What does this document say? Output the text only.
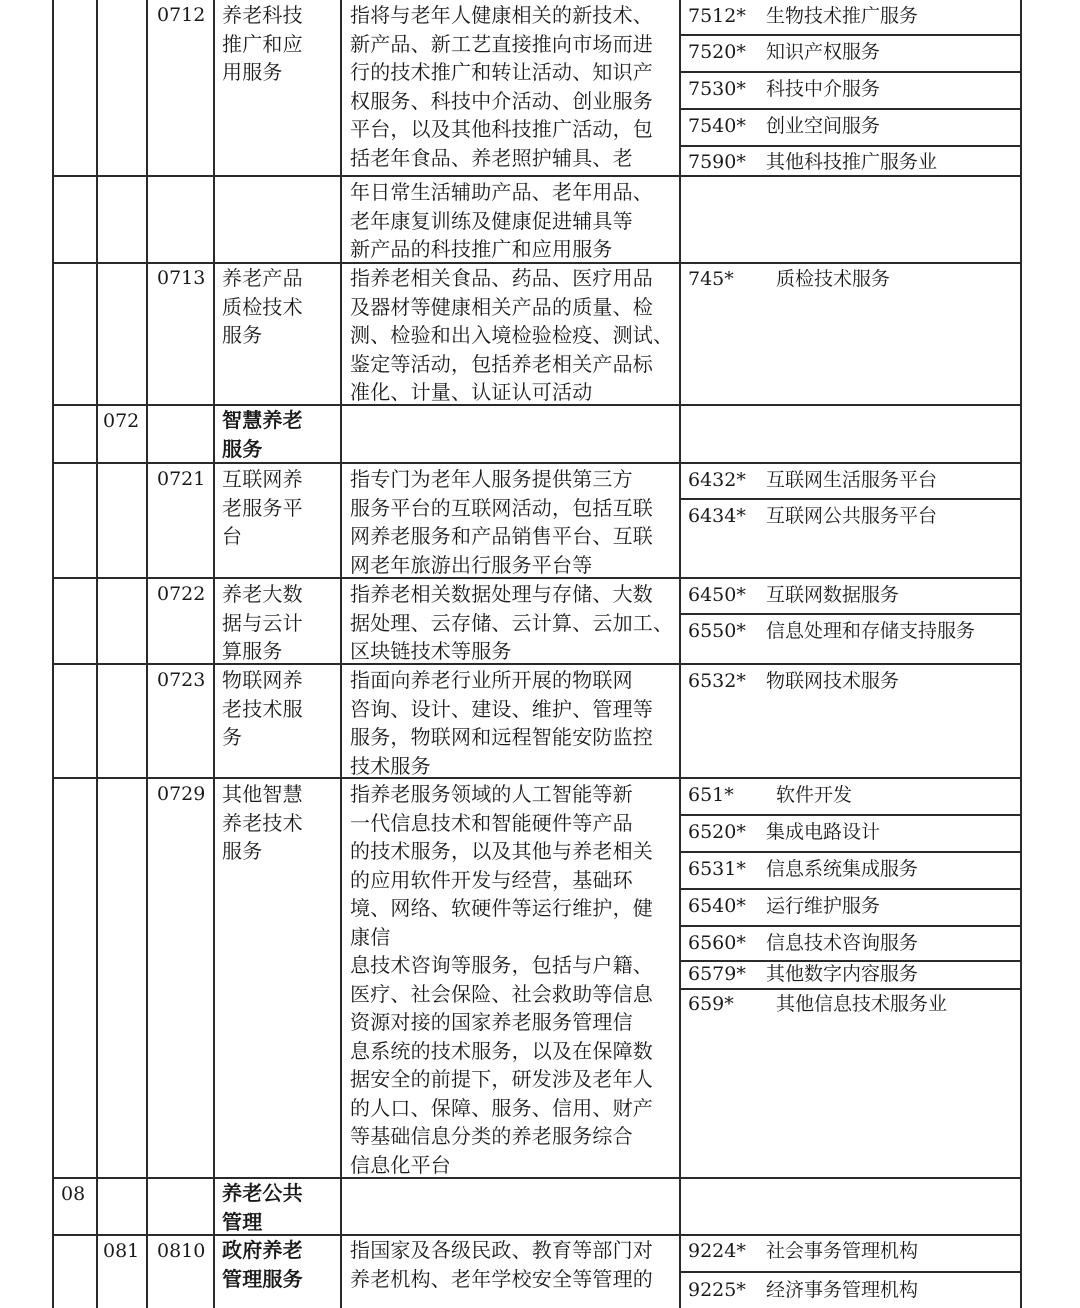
0712 养老科技
推广和应
用服务
指将与老年人健康相关的新技术、
新产品、新工艺直接推向市场而进
行的技术推广和转让活动、知识产
权服务、科技中介活动、创业服务
平台，以及其他科技推广活动，包
括老年食品、养老照护辅具、老
7512* 生物技术推广服务
7520* 知识产权服务
7530* 科技中介服务
7540* 创业空间服务
7590* 其他科技推广服务业
年日常生活辅助产品、老年用品、
老年康复训练及健康促进辅具等
新产品的科技推广和应用服务
0713 养老产品
质检技术
服务
指养老相关食品、药品、医疗用品
及器材等健康相关产品的质量、检
测、检验和出入境检验检疫、测试、
鉴定等活动，包括养老相关产品标
准化、计量、认证认可活动
745* 质检技术服务
072	智慧养老
服务
0721 互联网养
老服务平
台
指专门为老年人服务提供第三方
服务平台的互联网活动，包括互联
网养老服务和产品销售平台、互联
网老年旅游出行服务平台等
6432* 互联网生活服务平台
6434* 互联网公共服务平台
0722 养老大数
据与云计
算服务
指养老相关数据处理与存储、大数
据处理、云存储、云计算、云加工、
区块链技术等服务
6450* 互联网数据服务
6550* 信息处理和存储支持服务
0723 物联网养
老技术服
务
指面向养老行业所开展的物联网
咨询、设计、建设、维护、管理等
服务，物联网和远程智能安防监控
技术服务
6532* 物联网技术服务
0729 其他智慧
养老技术
服务
指养老服务领域的人工智能等新
一代信息技术和智能硬件等产品
的技术服务，以及其他与养老相关
的应用软件开发与经营，基础环
境、网络、软硬件等运行维护，健
康信
息技术咨询等服务，包括与户籍、
医疗、社会保险、社会救助等信息
资源对接的国家养老服务管理信
息系统的技术服务，以及在保障数
据安全的前提下，研发涉及老年人
的人口、保障、服务、信用、财产
等基础信息分类的养老服务综合
信息化平台
651* 软件开发
6520* 集成电路设计
6531* 信息系统集成服务
6540* 运行维护服务
6560* 信息技术咨询服务
6579* 其他数字内容服务
659* 其他信息技术服务业
08	养老公共
管理
081 0810 政府养老
管理服务
指国家及各级民政、教育等部门对
养老机构、老年学校安全等管理的
9224* 社会事务管理机构
9225* 经济事务管理机构
